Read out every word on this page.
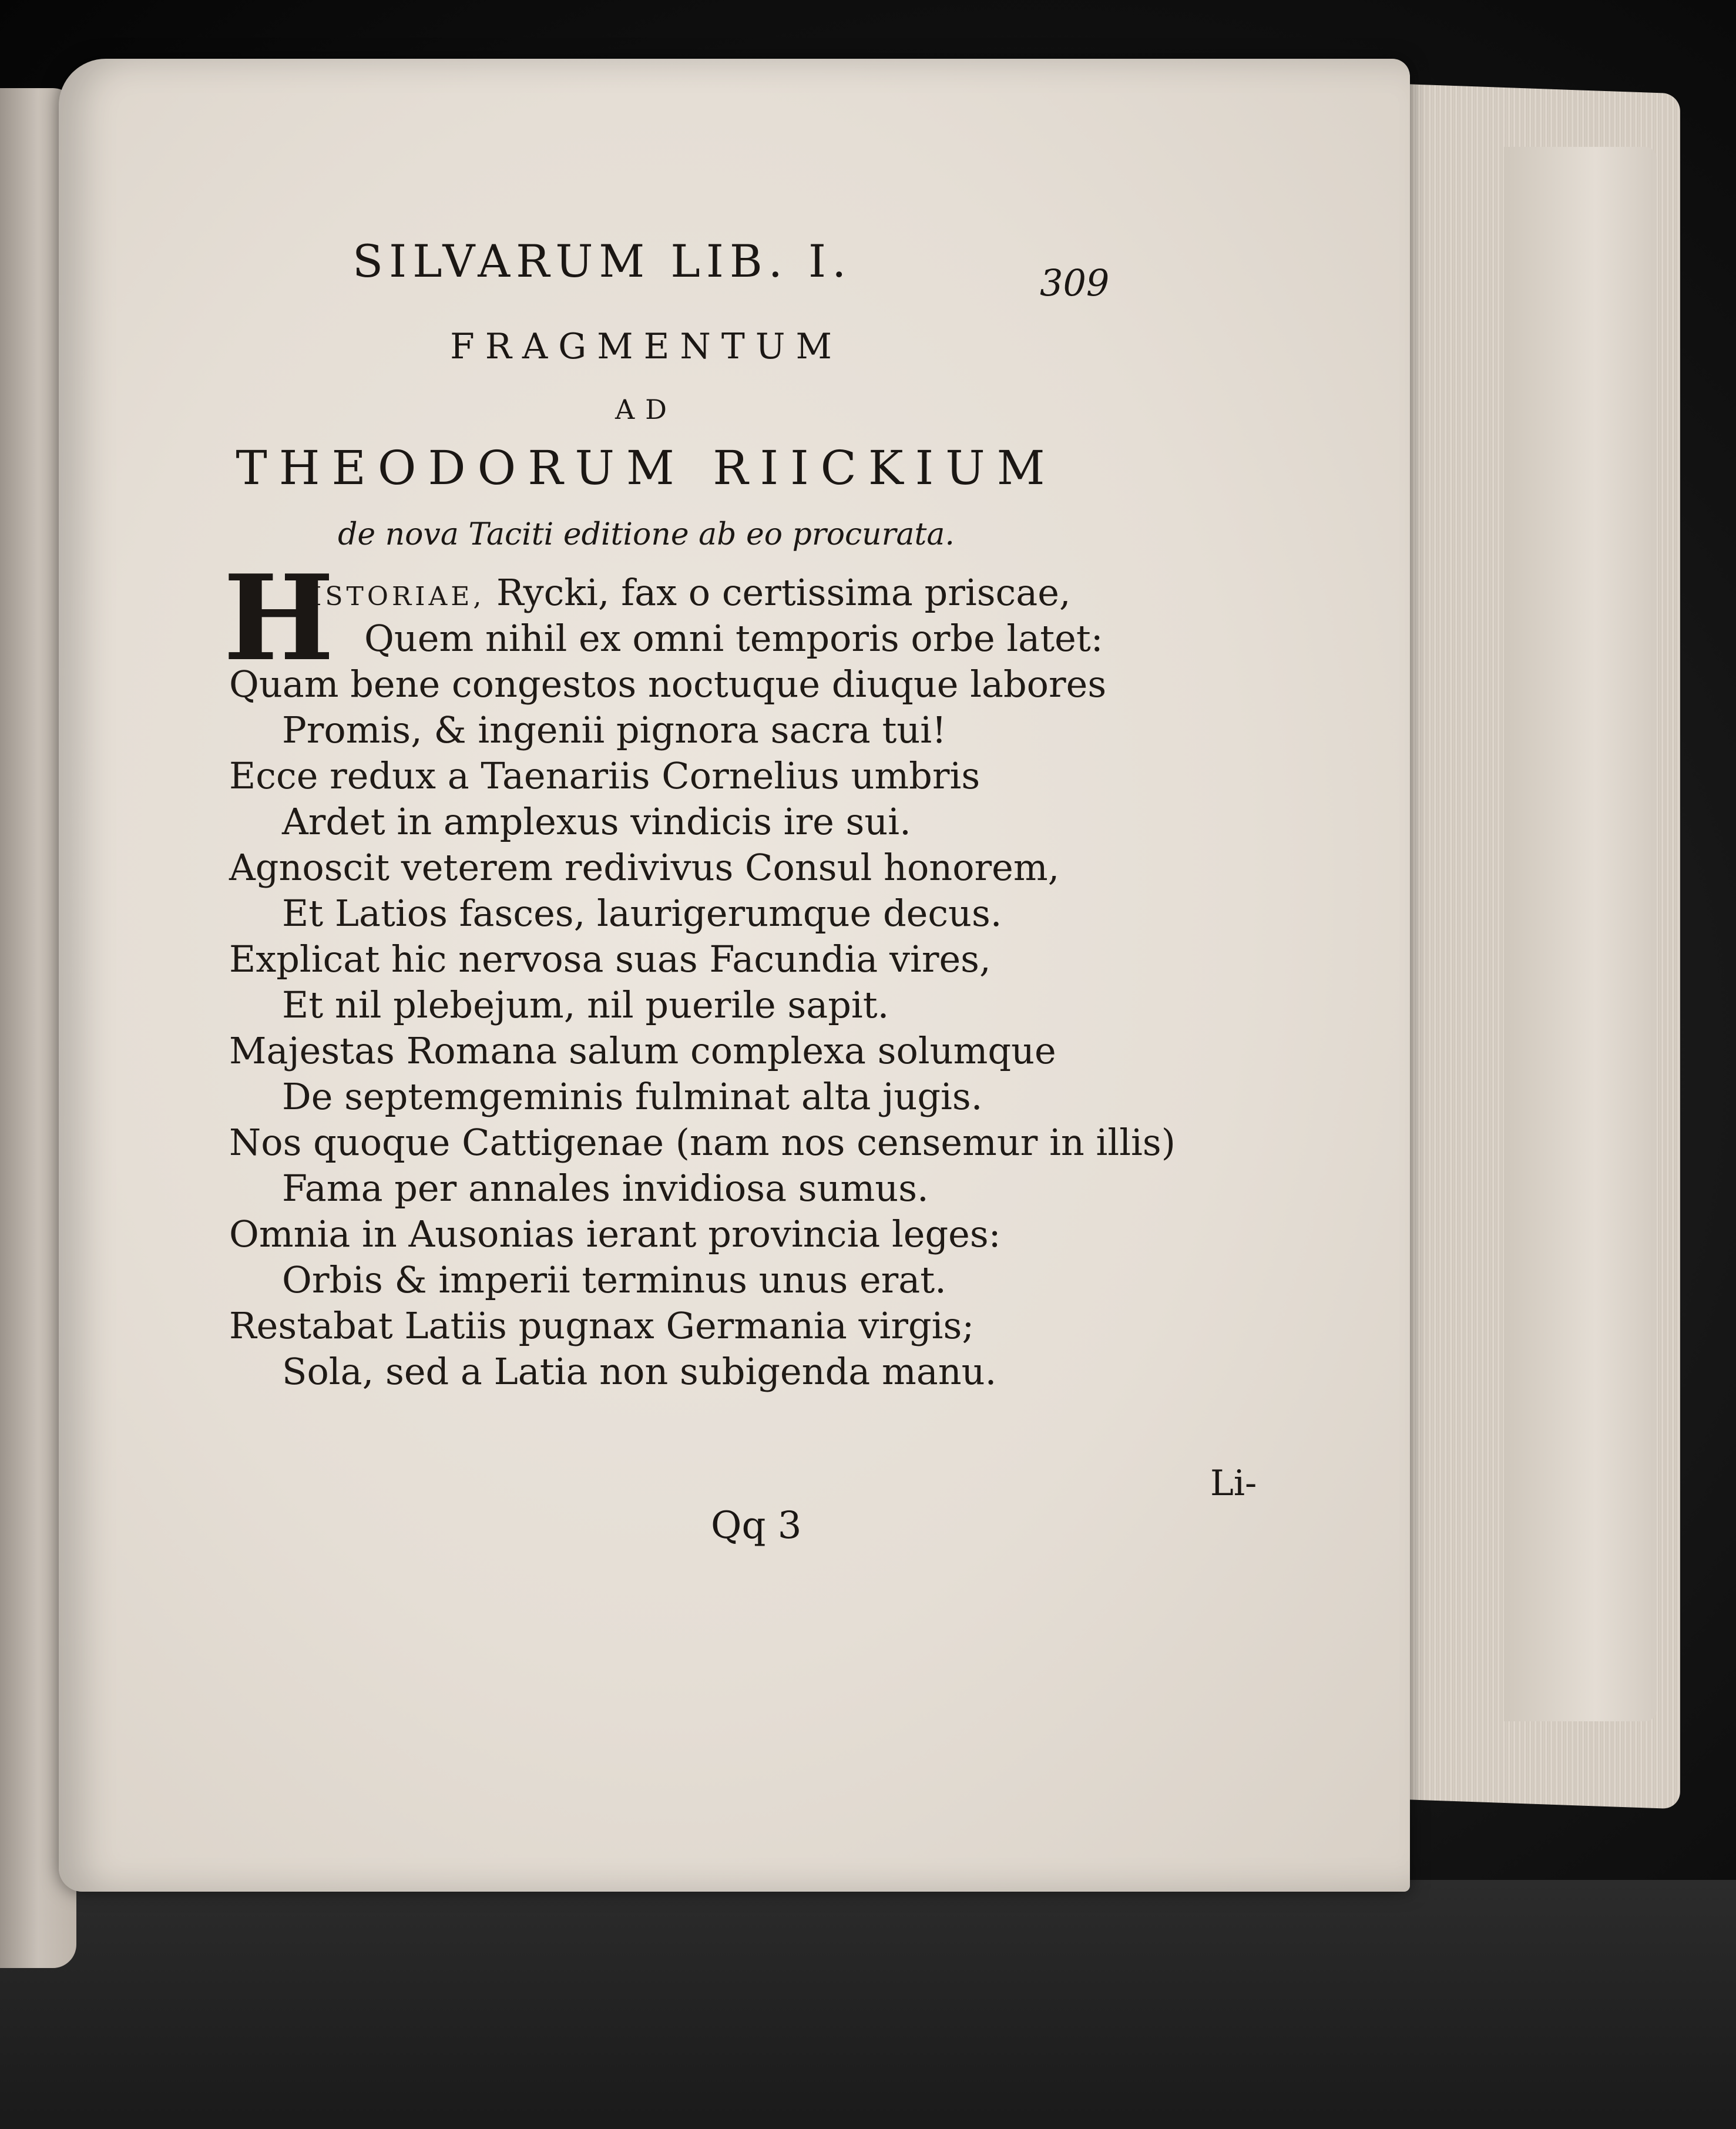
SILVARUM LIB. I.	309
FRAGMENTUM
AD
THEODORUM RIICKIUM
de nova Taciti editione ab eo procurata.
H
ISTORIAE, Rycki, fax o certissima priscae,
Quem nihil ex omni temporis orbe latet:
Quam bene congestos noctuque diuque labores
Promis, & ingenii pignora sacra tui!
Ecce redux a Taenariis Cornelius umbris
Ardet in amplexus vindicis ire sui.
Agnoscit veterem redivivus Consul honorem,
Et Latios fasces, laurigerumque decus.
Explicat hic nervosa suas Facundia vires,
Et nil plebejum, nil puerile sapit.
Majestas Romana salum complexa solumque
De septemgeminis fulminat alta jugis.
Nos quoque Cattigenae (nam nos censemur in illis)
Fama per annales invidiosa sumus.
Omnia in Ausonias ierant provincia leges:
Orbis & imperii terminus unus erat.
Restabat Latiis pugnax Germania virgis;
Sola, sed a Latia non subigenda manu.
Qq 3
Li-
